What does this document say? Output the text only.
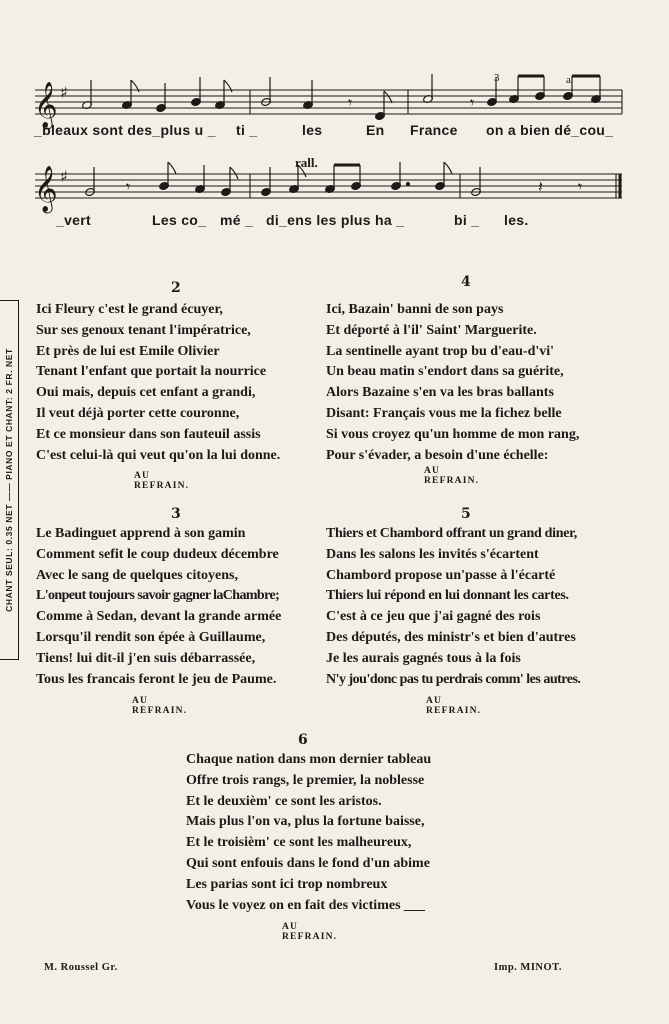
𝄞 ♯
𝄾	𝄾
3	a
_bleaux sont des_plus u _ ti _	les	En France on a bien dé_cou_
rall.
𝄞 ♯
𝄾	𝄽 𝄾
_vert	Les co_ mé _ di_ens les plus ha _	bi _ les.
CHANT SEUL: 0.35 NET —— PIANO ET CHANT: 2 FR. NET
2
Ici Fleury c'est le grand écuyer,
Sur ses genoux tenant l'impératrice,
Et près de lui est Emile Olivier
Tenant l'enfant que portait la nourrice
Oui mais, depuis cet enfant a grandi,
Il veut déjà porter cette couronne,
Et ce monsieur dans son fauteuil assis
C'est celui-là qui veut qu'on la lui donne.
AU REFRAIN.
4
Ici, Bazain' banni de son pays
Et déporté à l'il' Saint' Marguerite.
La sentinelle ayant trop bu d'eau-d'vi'
Un beau matin s'endort dans sa guérite,
Alors Bazaine s'en va les bras ballants
Disant: Français vous me la fichez belle
Si vous croyez qu'un homme de mon rang,
Pour s'évader, a besoin d'une échelle:
AU REFRAIN.
3
Le Badinguet apprend à son gamin
Comment sefit le coup dudeux décembre
Avec le sang de quelques citoyens,
L'onpeut toujours savoir gagner laChambre;
Comme à Sedan, devant la grande armée
Lorsqu'il rendit son épée à Guillaume,
Tiens! lui dit-il j'en suis débarrassée,
Tous les francais feront le jeu de Paume.
AU REFRAIN.
5
Thiers et Chambord offrant un grand diner,
Dans les salons les invités s'écartent
Chambord propose un'passe à l'écarté
Thiers lui répond en lui donnant les cartes.
C'est à ce jeu que j'ai gagné des rois
Des députés, des ministr's et bien d'autres
Je les aurais gagnés tous à la fois
N'y jou'donc pas tu perdrais comm' les autres.
AU REFRAIN.
6
Chaque nation dans mon dernier tableau
Offre trois rangs, le premier, la noblesse
Et le deuxièm' ce sont les aristos.
Mais plus l'on va, plus la fortune baisse,
Et le troisièm' ce sont les malheureux,
Qui sont enfouis dans le fond d'un abime
Les parias sont ici trop nombreux
Vous le voyez on en fait des victimes ___
AU REFRAIN.
M. Roussel Gr.	Imp. MINOT.
